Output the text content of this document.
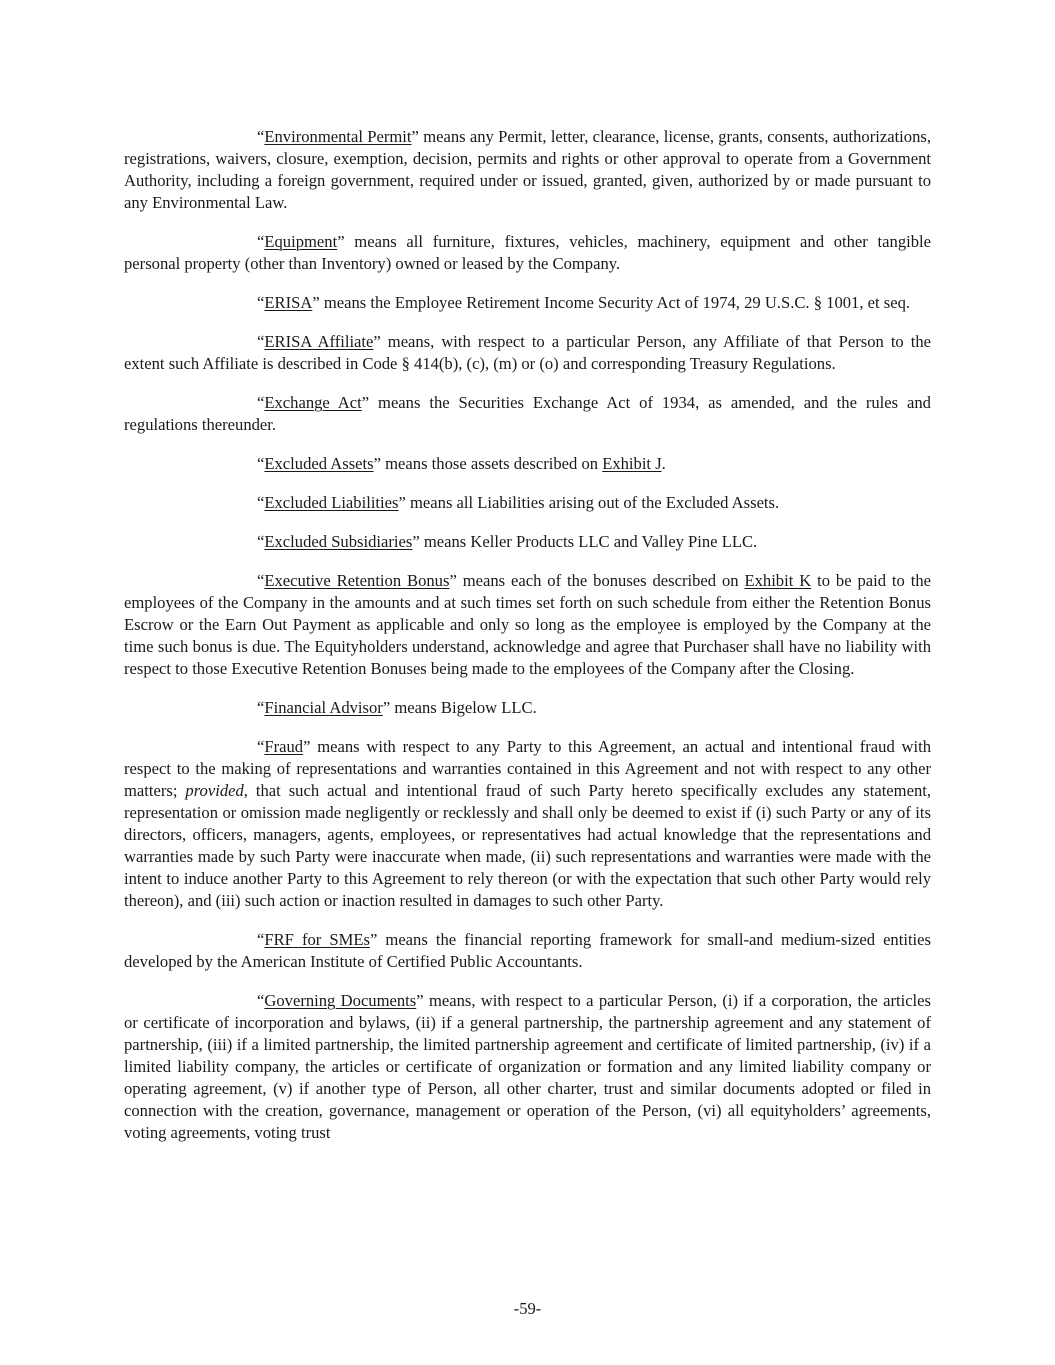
“Environmental Permit” means any Permit, letter, clearance, license, grants, consents, authorizations, registrations, waivers, closure, exemption, decision, permits and rights or other approval to operate from a Government Authority, including a foreign government, required under or issued, granted, given, authorized by or made pursuant to any Environmental Law.

“Equipment” means all furniture, fixtures, vehicles, machinery, equipment and other tangible personal property (other than Inventory) owned or leased by the Company.

“ERISA” means the Employee Retirement Income Security Act of 1974, 29 U.S.C. § 1001, et seq.

“ERISA Affiliate” means, with respect to a particular Person, any Affiliate of that Person to the extent such Affiliate is described in Code § 414(b), (c), (m) or (o) and corresponding Treasury Regulations.

“Exchange Act” means the Securities Exchange Act of 1934, as amended, and the rules and regulations thereunder.

“Excluded Assets” means those assets described on Exhibit J.

“Excluded Liabilities” means all Liabilities arising out of the Excluded Assets.

“Excluded Subsidiaries” means Keller Products LLC and Valley Pine LLC.

“Executive Retention Bonus” means each of the bonuses described on Exhibit K to be paid to the employees of the Company in the amounts and at such times set forth on such schedule from either the Retention Bonus Escrow or the Earn Out Payment as applicable and only so long as the employee is employed by the Company at the time such bonus is due. The Equityholders understand, acknowledge and agree that Purchaser shall have no liability with respect to those Executive Retention Bonuses being made to the employees of the Company after the Closing.

“Financial Advisor” means Bigelow LLC.

“Fraud” means with respect to any Party to this Agreement, an actual and intentional fraud with respect to the making of representations and warranties contained in this Agreement and not with respect to any other matters; provided, that such actual and intentional fraud of such Party hereto specifically excludes any statement, representation or omission made negligently or recklessly and shall only be deemed to exist if (i) such Party or any of its directors, officers, managers, agents, employees, or representatives had actual knowledge that the representations and warranties made by such Party were inaccurate when made, (ii) such representations and warranties were made with the intent to induce another Party to this Agreement to rely thereon (or with the expectation that such other Party would rely thereon), and (iii) such action or inaction resulted in damages to such other Party.

“FRF for SMEs” means the financial reporting framework for small-and medium-sized entities developed by the American Institute of Certified Public Accountants.

“Governing Documents” means, with respect to a particular Person, (i) if a corporation, the articles or certificate of incorporation and bylaws, (ii) if a general partnership, the partnership agreement and any statement of partnership, (iii) if a limited partnership, the limited partnership agreement and certificate of limited partnership, (iv) if a limited liability company, the articles or certificate of organization or formation and any limited liability company or operating agreement, (v) if another type of Person, all other charter, trust and similar documents adopted or filed in connection with the creation, governance, management or operation of the Person, (vi) all equityholders’ agreements, voting agreements, voting trust

-59-
